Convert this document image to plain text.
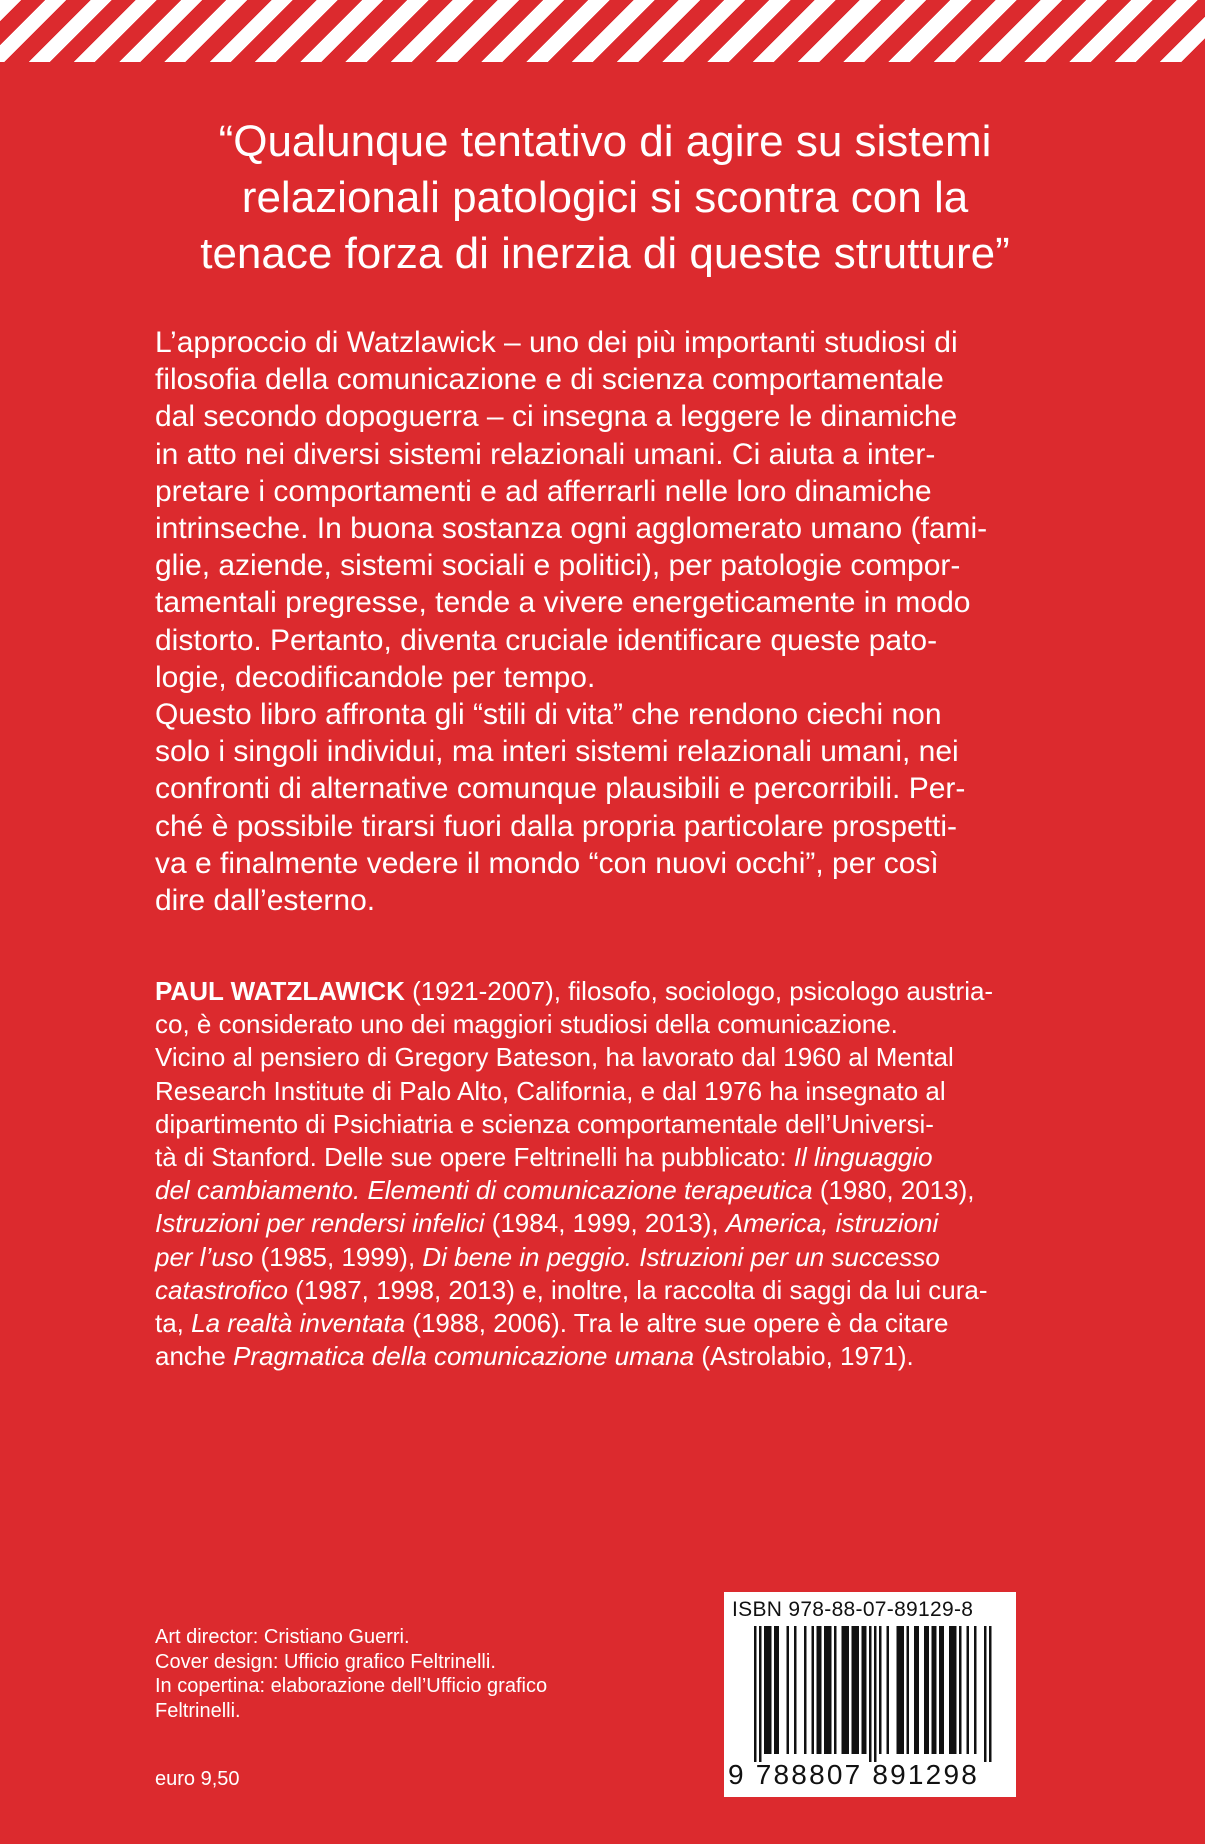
“Qualunque tentativo di agire su sistemi
relazionali patologici si scontra con la
tenace forza di inerzia di queste strutture”

L’approccio di Watzlawick – uno dei più importanti studiosi di
filosofia della comunicazione e di scienza comportamentale
dal secondo dopoguerra – ci insegna a leggere le dinamiche
in atto nei diversi sistemi relazionali umani. Ci aiuta a inter-
pretare i comportamenti e ad afferrarli nelle loro dinamiche
intrinseche. In buona sostanza ogni agglomerato umano (fami-
glie, aziende, sistemi sociali e politici), per patologie compor-
tamentali pregresse, tende a vivere energeticamente in modo
distorto. Pertanto, diventa cruciale identificare queste pato-
logie, decodificandole per tempo.
Questo libro affronta gli “stili di vita” che rendono ciechi non
solo i singoli individui, ma interi sistemi relazionali umani, nei
confronti di alternative comunque plausibili e percorribili. Per-
ché è possibile tirarsi fuori dalla propria particolare prospetti-
va e finalmente vedere il mondo “con nuovi occhi”, per così
dire dall’esterno.

PAUL WATZLAWICK (1921-2007), filosofo, sociologo, psicologo austria-
co, è considerato uno dei maggiori studiosi della comunicazione.
Vicino al pensiero di Gregory Bateson, ha lavorato dal 1960 al Mental
Research Institute di Palo Alto, California, e dal 1976 ha insegnato al
dipartimento di Psichiatria e scienza comportamentale dell’Universi-
tà di Stanford. Delle sue opere Feltrinelli ha pubblicato: Il linguaggio
del cambiamento. Elementi di comunicazione terapeutica (1980, 2013),
Istruzioni per rendersi infelici (1984, 1999, 2013), America, istruzioni
per l’uso (1985, 1999), Di bene in peggio. Istruzioni per un successo
catastrofico (1987, 1998, 2013) e, inoltre, la raccolta di saggi da lui cura-
ta, La realtà inventata (1988, 2006). Tra le altre sue opere è da citare
anche Pragmatica della comunicazione umana (Astrolabio, 1971).

Art director: Cristiano Guerri.
Cover design: Ufficio grafico Feltrinelli.
In copertina: elaborazione dell’Ufficio grafico
Feltrinelli.

euro 9,50
ISBN 978-88-07-89129-8
9 788807 891298
